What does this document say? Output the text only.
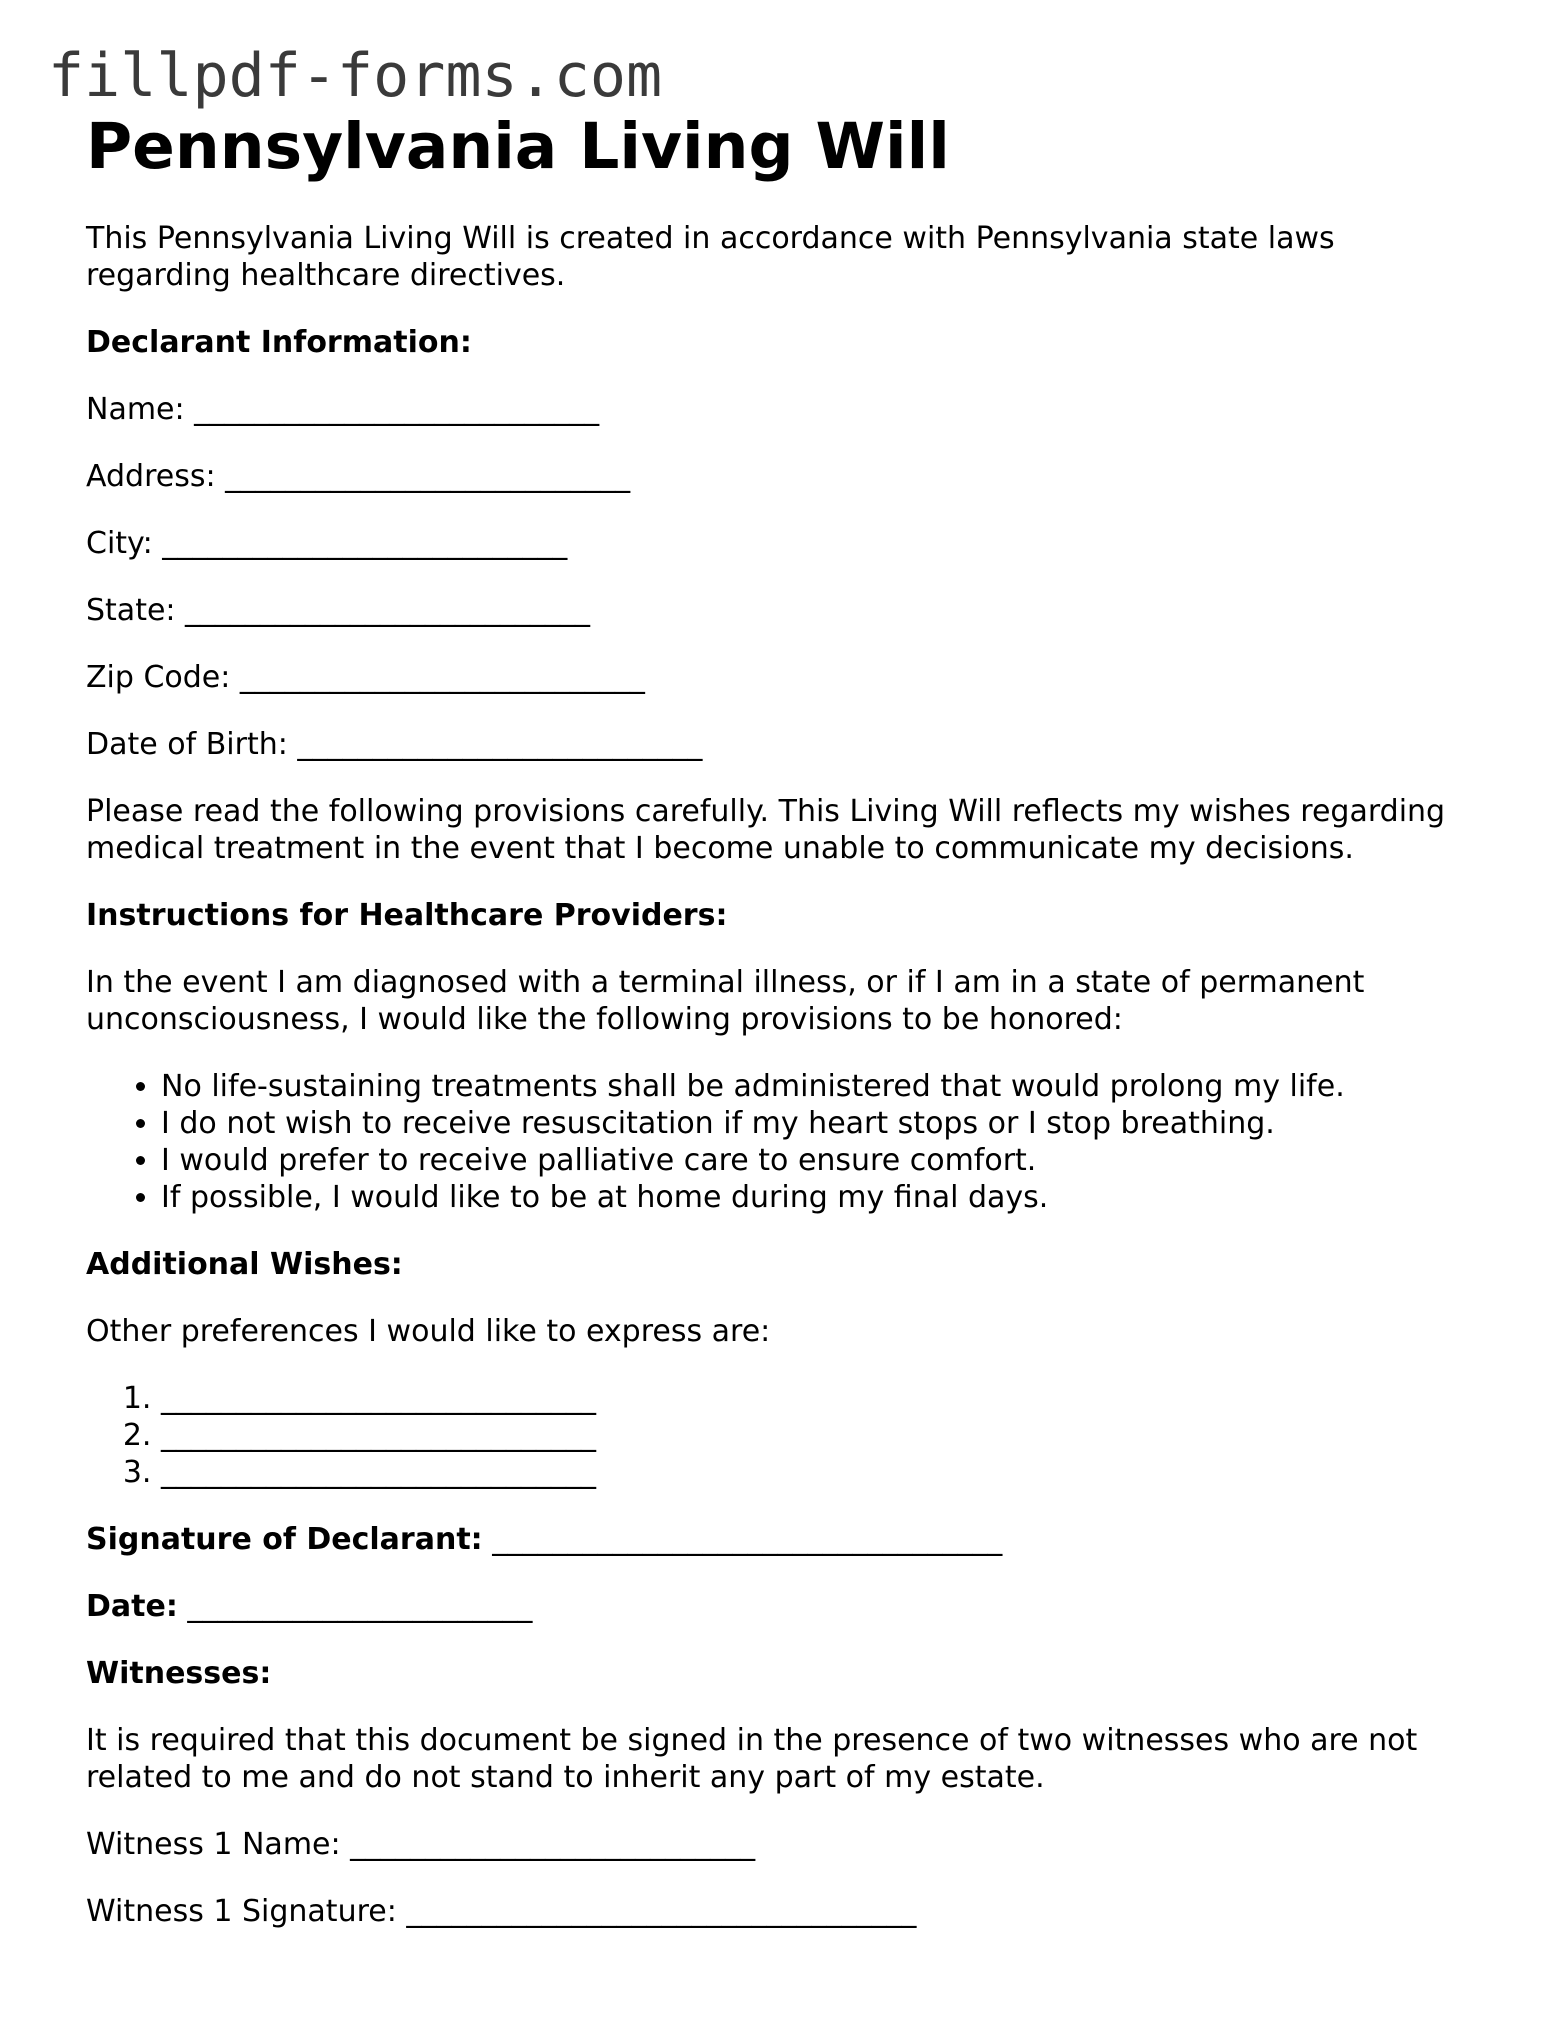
fillpdf-forms.com
Pennsylvania Living Will

This Pennsylvania Living Will is created in accordance with Pennsylvania state laws regarding healthcare directives.

Declarant Information:

Name: ___________________________

Address: ___________________________

City: ___________________________

State: ___________________________

Zip Code: ___________________________

Date of Birth: ___________________________

Please read the following provisions carefully. This Living Will reflects my wishes regarding medical treatment in the event that I become unable to communicate my decisions.

Instructions for Healthcare Providers:

In the event I am diagnosed with a terminal illness, or if I am in a state of permanent unconsciousness, I would like the following provisions to be honored:

• No life-sustaining treatments shall be administered that would prolong my life.
• I do not wish to receive resuscitation if my heart stops or I stop breathing.
• I would prefer to receive palliative care to ensure comfort.
• If possible, I would like to be at home during my final days.

Additional Wishes:

Other preferences I would like to express are:

1. _____________________________
2. _____________________________
3. _____________________________

Signature of Declarant: __________________________________

Date: _______________________

Witnesses:

It is required that this document be signed in the presence of two witnesses who are not related to me and do not stand to inherit any part of my estate.

Witness 1 Name: ___________________________

Witness 1 Signature: __________________________________
